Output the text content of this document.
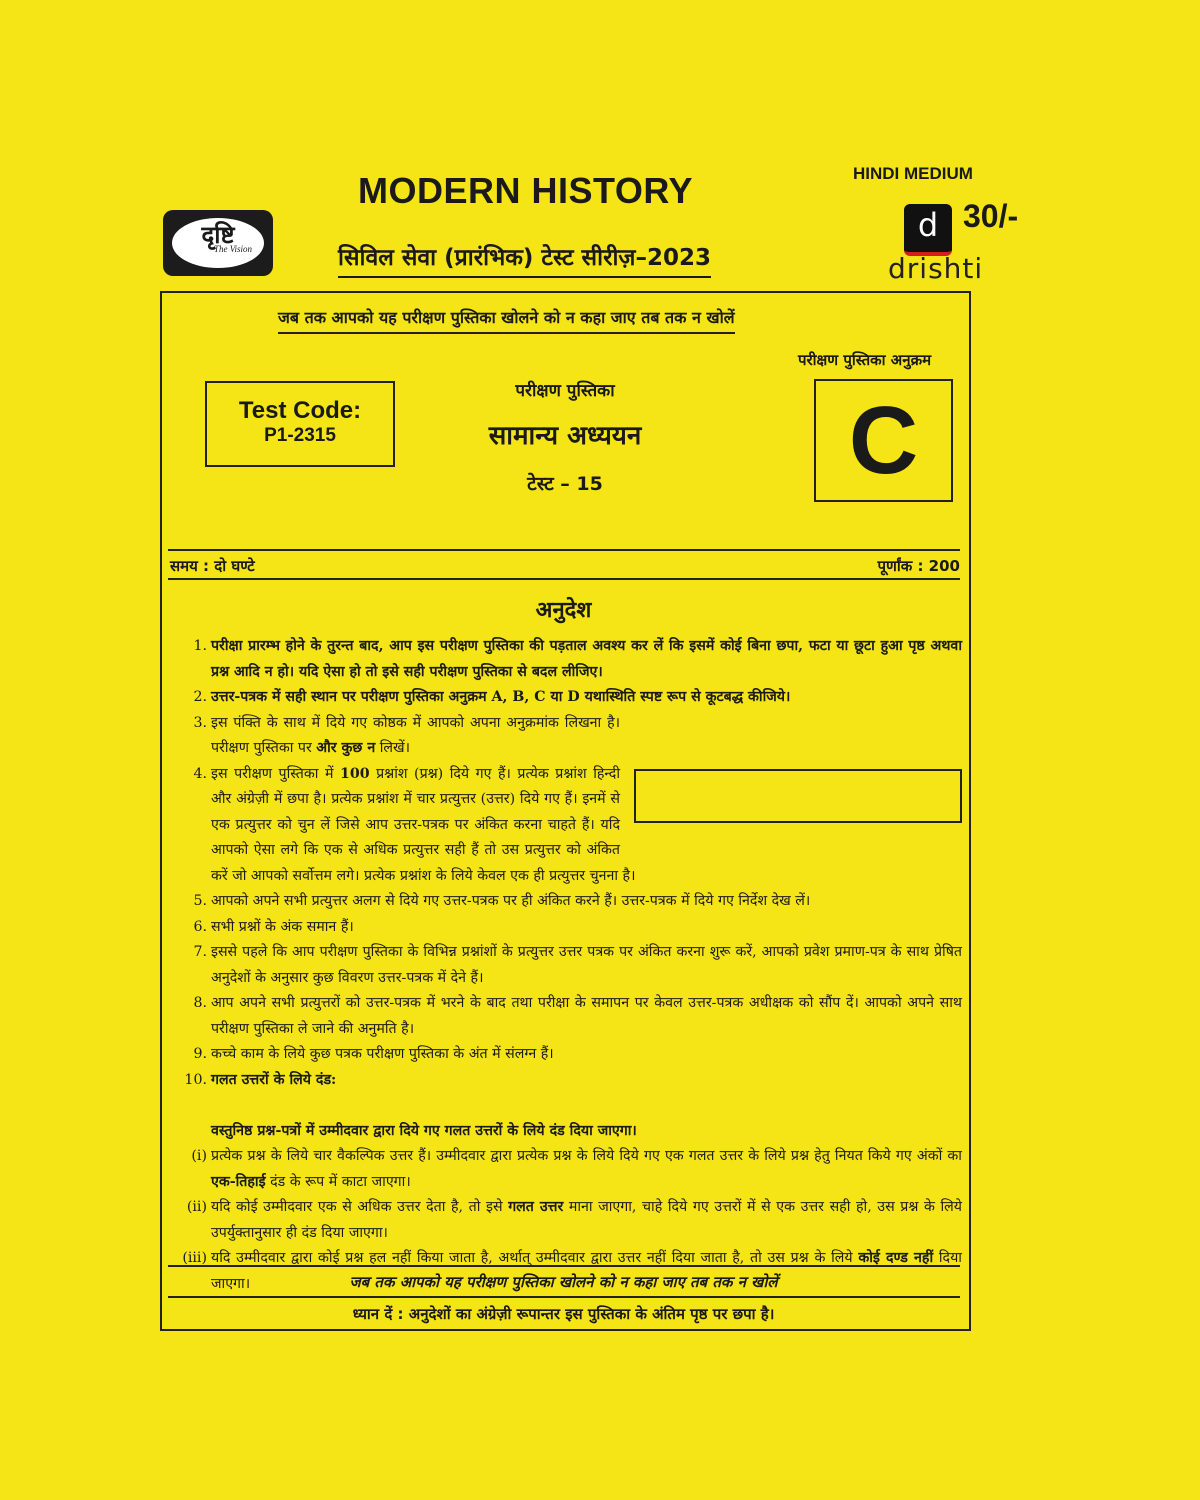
MODERN HISTORY	HINDI MEDIUM
दृष्टि
The Vision	सिविल सेवा (प्रारंभिक) टेस्ट सीरीज़–2023
d 30/-
drishti
जब तक आपको यह परीक्षण पुस्तिका खोलने को न कहा जाए तब तक न खोलें
परीक्षण पुस्तिका अनुक्रम
Test Code:
P1-2315
परीक्षण पुस्तिका
सामान्य अध्ययन
टेस्ट – 15	C
समय : दो घण्टे	पूर्णांक : 200
अनुदेश
1. परीक्षा प्रारम्भ होने के तुरन्त बाद, आप इस परीक्षण पुस्तिका की पड़ताल अवश्य कर लें कि इसमें कोई बिना छपा, फटा या छूटा हुआ पृष्ठ अथवा प्रश्न आदि न हो। यदि ऐसा हो तो इसे सही परीक्षण पुस्तिका से बदल लीजिए।
2. उत्तर-पत्रक में सही स्थान पर परीक्षण पुस्तिका अनुक्रम A, B, C या D यथास्थिति स्पष्ट रूप से कूटबद्ध कीजिये।
3. इस पंक्ति के साथ में दिये गए कोष्ठक में आपको अपना अनुक्रमांक लिखना है। परीक्षण पुस्तिका पर और कुछ न लिखें।
4. इस परीक्षण पुस्तिका में 100 प्रश्नांश (प्रश्न) दिये गए हैं। प्रत्येक प्रश्नांश हिन्दी और अंग्रेज़ी में छपा है। प्रत्येक प्रश्नांश में चार प्रत्युत्तर (उत्तर) दिये गए हैं। इनमें से एक प्रत्युत्तर को चुन लें जिसे आप उत्तर-पत्रक पर अंकित करना चाहते हैं। यदि आपको ऐसा लगे कि एक से अधिक प्रत्युत्तर सही हैं तो उस प्रत्युत्तर को अंकित करें जो आपको सर्वोत्तम लगे। प्रत्येक प्रश्नांश के लिये केवल एक ही प्रत्युत्तर चुनना है।
5. आपको अपने सभी प्रत्युत्तर अलग से दिये गए उत्तर-पत्रक पर ही अंकित करने हैं। उत्तर-पत्रक में दिये गए निर्देश देख लें।
6. सभी प्रश्नों के अंक समान हैं।
7. इससे पहले कि आप परीक्षण पुस्तिका के विभिन्न प्रश्नांशों के प्रत्युत्तर उत्तर पत्रक पर अंकित करना शुरू करें, आपको प्रवेश प्रमाण-पत्र के साथ प्रेषित अनुदेशों के अनुसार कुछ विवरण उत्तर-पत्रक में देने हैं।
8. आप अपने सभी प्रत्युत्तरों को उत्तर-पत्रक में भरने के बाद तथा परीक्षा के समापन पर केवल उत्तर-पत्रक अधीक्षक को सौंप दें। आपको अपने साथ परीक्षण पुस्तिका ले जाने की अनुमति है।
9. कच्चे काम के लिये कुछ पत्रक परीक्षण पुस्तिका के अंत में संलग्न हैं।
10. गलत उत्तरों के लिये दंड:

वस्तुनिष्ठ प्रश्न-पत्रों में उम्मीदवार द्वारा दिये गए गलत उत्तरों के लिये दंड दिया जाएगा।
(i) प्रत्येक प्रश्न के लिये चार वैकल्पिक उत्तर हैं। उम्मीदवार द्वारा प्रत्येक प्रश्न के लिये दिये गए एक गलत उत्तर के लिये प्रश्न हेतु नियत किये गए अंकों का एक-तिहाई दंड के रूप में काटा जाएगा।
(ii) यदि कोई उम्मीदवार एक से अधिक उत्तर देता है, तो इसे गलत उत्तर माना जाएगा, चाहे दिये गए उत्तरों में से एक उत्तर सही हो, उस प्रश्न के लिये उपर्युक्तानुसार ही दंड दिया जाएगा।
(iii) यदि उम्मीदवार द्वारा कोई प्रश्न हल नहीं किया जाता है, अर्थात् उम्मीदवार द्वारा उत्तर नहीं दिया जाता है, तो उस प्रश्न के लिये कोई दण्ड नहीं दिया जाएगा।	जब तक आपको यह परीक्षण पुस्तिका खोलने को न कहा जाए तब तक न खोलें
ध्यान दें : अनुदेशों का अंग्रेज़ी रूपान्तर इस पुस्तिका के अंतिम पृष्ठ पर छपा है।
